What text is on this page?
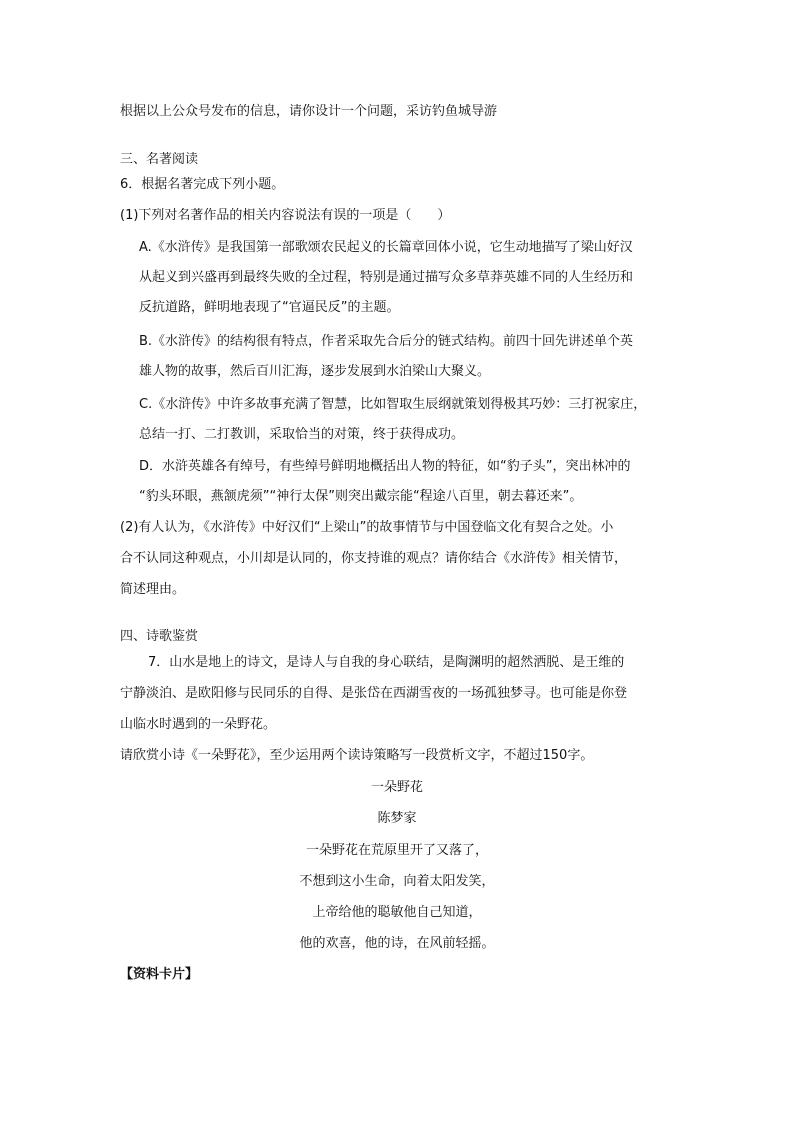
根据以上公众号发布的信息，请你设计一个问题，采访钓鱼城导游
三、名著阅读
6．根据名著完成下列小题。
(1)下列对名著作品的相关内容说法有误的一项是（　　）
A.《水浒传》是我国第一部歌颂农民起义的长篇章回体小说，它生动地描写了梁山好汉
从起义到兴盛再到最终失败的全过程，特别是通过描写众多草莽英雄不同的人生经历和
反抗道路，鲜明地表现了“官逼民反”的主题。
B.《水浒传》的结构很有特点，作者采取先合后分的链式结构。前四十回先讲述单个英
雄人物的故事，然后百川汇海，逐步发展到水泊梁山大聚义。
C.《水浒传》中许多故事充满了智慧，比如智取生辰纲就策划得极其巧妙：三打祝家庄，
总结一打、二打教训，采取恰当的对策，终于获得成功。
D．水浒英雄各有绰号，有些绰号鲜明地概括出人物的特征，如“豹子头”，突出林冲的
“豹头环眼，燕颔虎须”“神行太保”则突出戴宗能“程途八百里，朝去暮还来”。
(2)有人认为，《水浒传》中好汉们“上梁山”的故事情节与中国登临文化有契合之处。小
合不认同这种观点，小川却是认同的，你支持谁的观点？请你结合《水浒传》相关情节，
简述理由。
四、诗歌鉴赏
7．山水是地上的诗文，是诗人与自我的身心联结，是陶渊明的超然洒脱、是王维的
宁静淡泊、是欧阳修与民同乐的自得、是张岱在西湖雪夜的一场孤独梦寻。也可能是你登
山临水时遇到的一朵野花。
请欣赏小诗《一朵野花》，至少运用两个读诗策略写一段赏析文字，不超过150字。
一朵野花
陈梦家
一朵野花在荒原里开了又落了，
不想到这小生命，向着太阳发笑，
上帝给他的聪敏他自己知道，
他的欢喜，他的诗，在风前轻摇。
【资料卡片】
